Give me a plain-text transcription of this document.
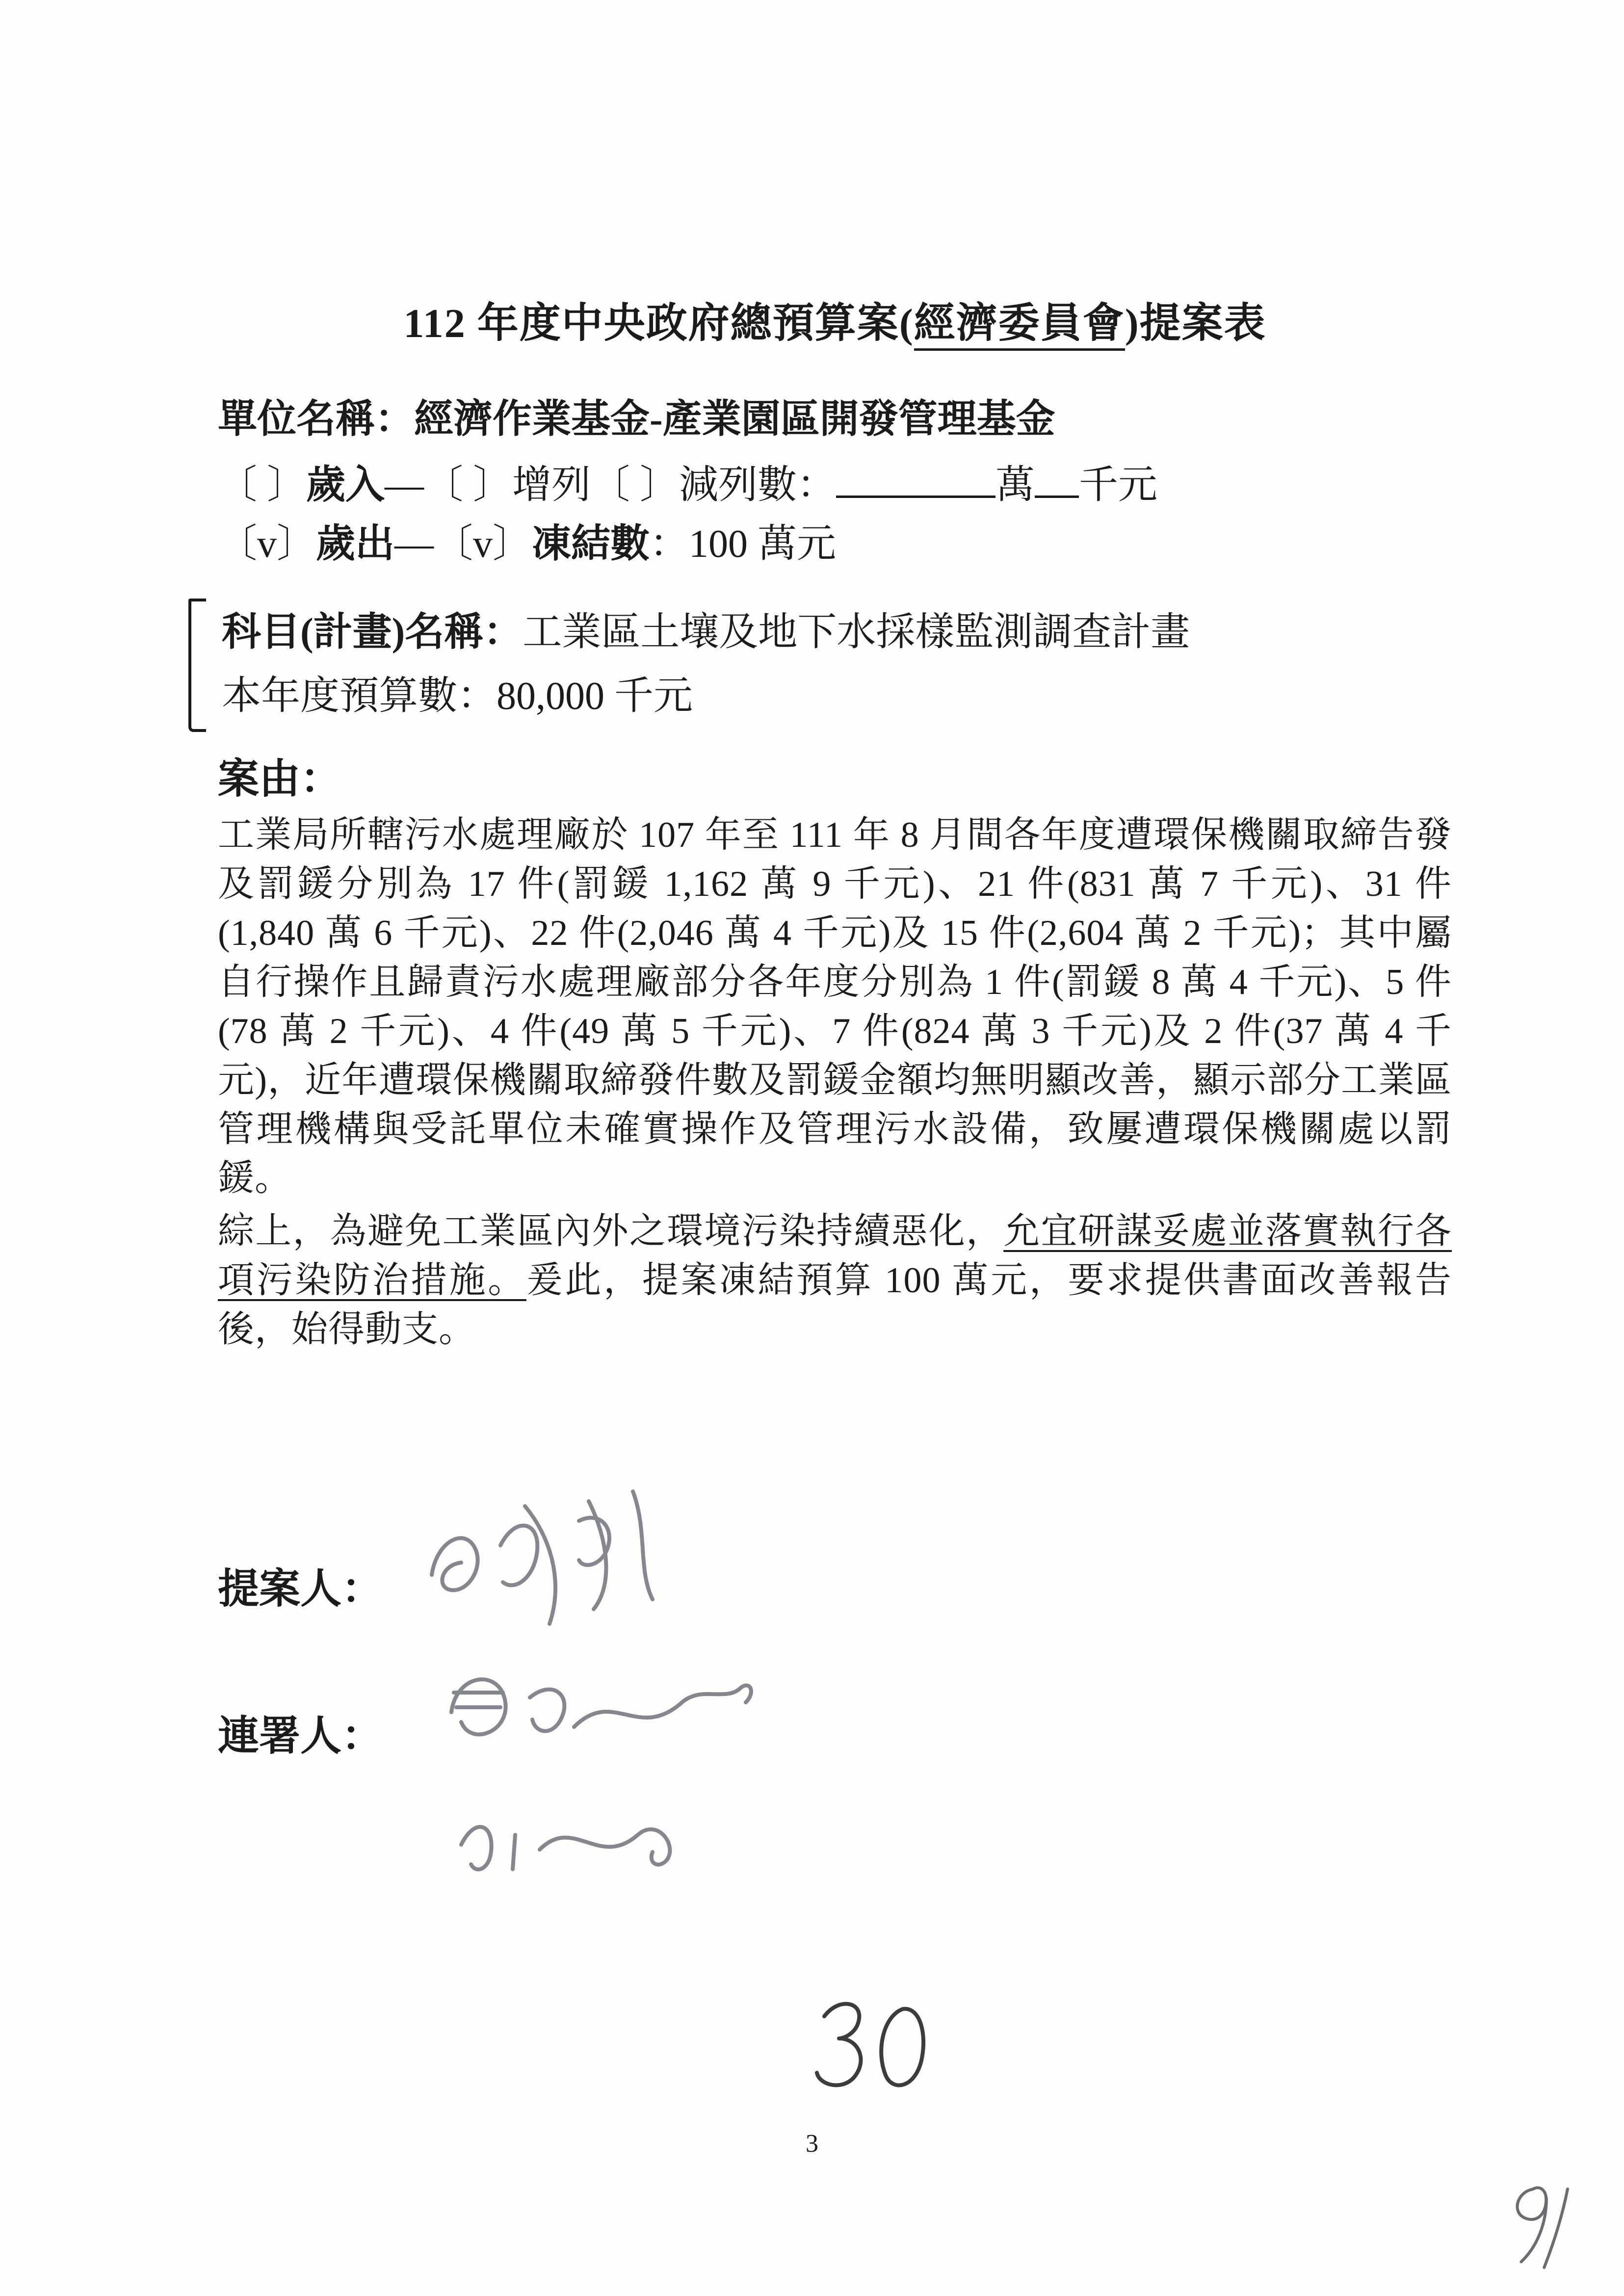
112 年度中央政府總預算案(經濟委員會)提案表
單位名稱：經濟作業基金-產業園區開發管理基金
〔 〕歲入—〔 〕增列〔 〕減列數：	萬 千元
〔v〕歲出—〔v〕凍結數：100 萬元
科目(計畫)名稱：工業區土壤及地下水採樣監測調查計畫
本年度預算數：80,000 千元
案由：

工業局所轄污水處理廠於 107 年至 111 年 8 月間各年度遭環保機關取締告發及罰鍰分別為 17 件(罰鍰 1,162 萬 9 千元)、21 件(831 萬 7 千元)、31 件(1,840 萬 6 千元)、22 件(2,046 萬 4 千元)及 15 件(2,604 萬 2 千元)；其中屬自行操作且歸責污水處理廠部分各年度分別為 1 件(罰鍰 8 萬 4 千元)、5 件(78 萬 2 千元)、4 件(49 萬 5 千元)、7 件(824 萬 3 千元)及 2 件(37 萬 4 千元)，近年遭環保機關取締發件數及罰鍰金額均無明顯改善，顯示部分工業區管理機構與受託單位未確實操作及管理污水設備，致屢遭環保機關處以罰鍰。

綜上，為避免工業區內外之環境污染持續惡化，允宜研謀妥處並落實執行各項污染防治措施。爰此，提案凍結預算 100 萬元，要求提供書面改善報告後，始得動支。

提案人：
連署人：
3
